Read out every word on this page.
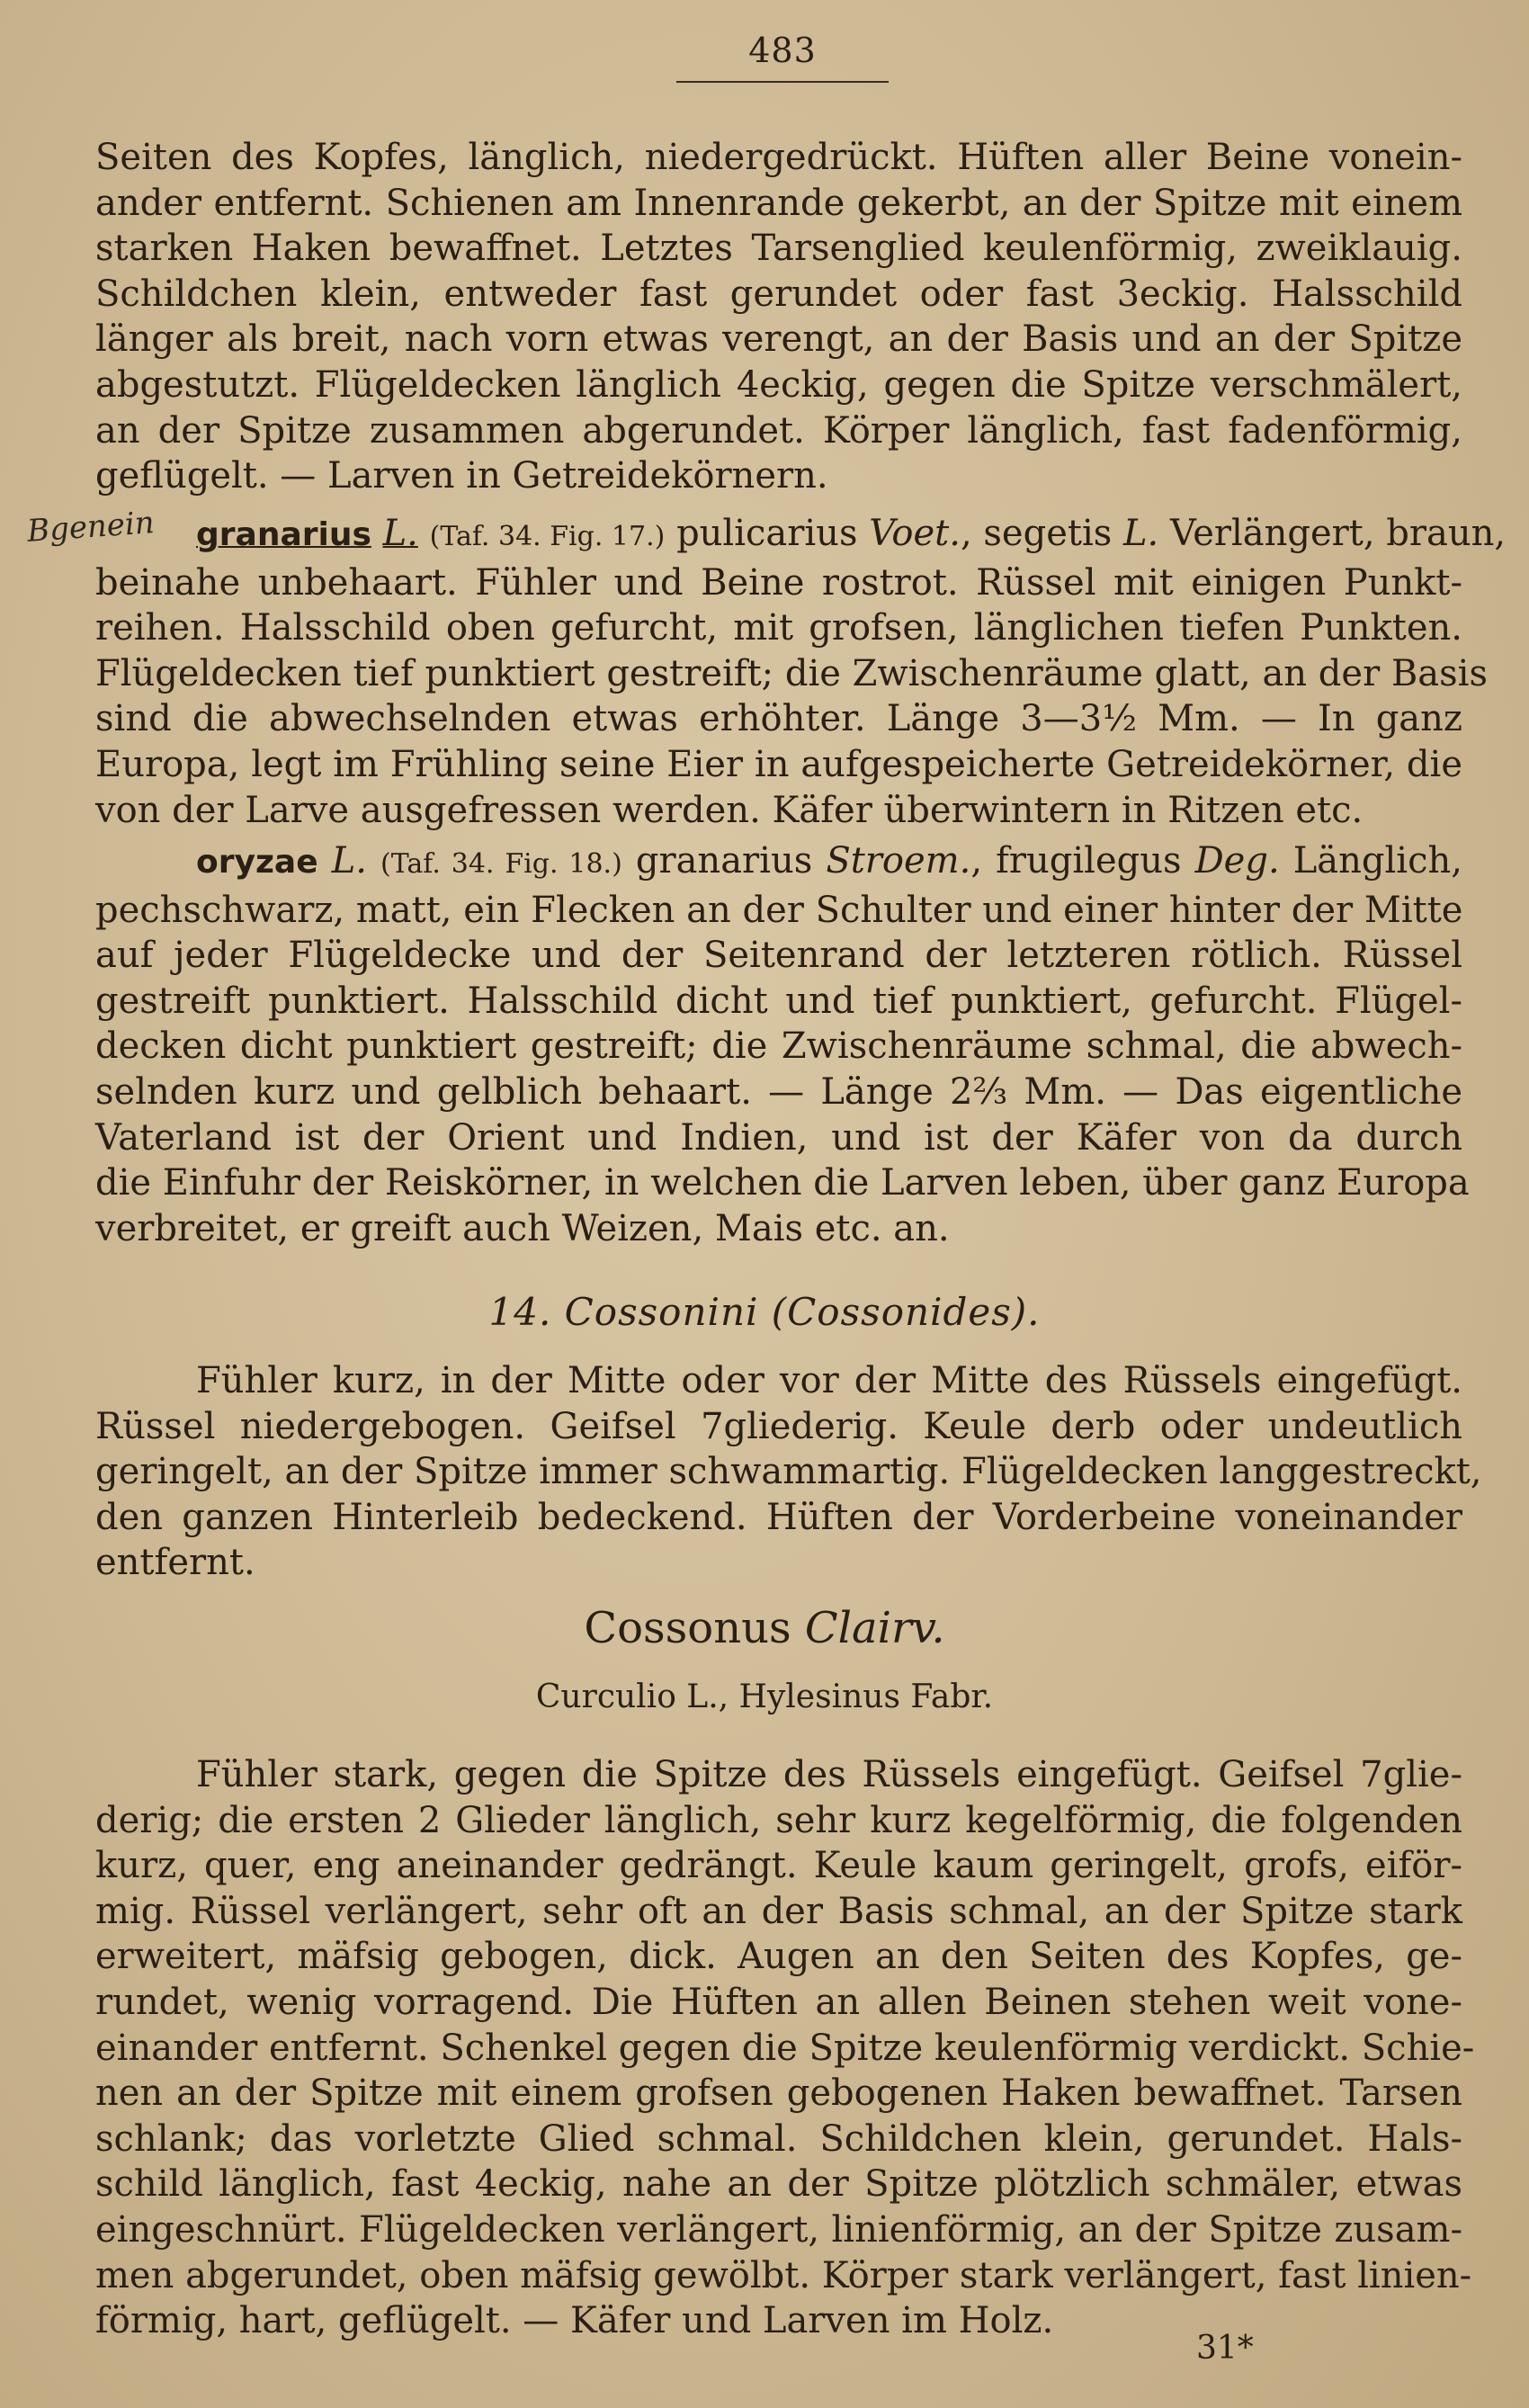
483
Seiten des Kopfes, länglich, niedergedrückt. Hüften aller Beine vonein-
ander entfernt. Schienen am Innenrande gekerbt, an der Spitze mit einem
starken Haken bewaffnet. Letztes Tarsenglied keulenförmig, zweiklauig.
Schildchen klein, entweder fast gerundet oder fast 3eckig. Halsschild
länger als breit, nach vorn etwas verengt, an der Basis und an der Spitze
abgestutzt. Flügeldecken länglich 4eckig, gegen die Spitze verschmälert,
an der Spitze zusammen abgerundet. Körper länglich, fast fadenförmig,
geflügelt. — Larven in Getreidekörnern.
Bgenein	granarius L. (Taf. 34. Fig. 17.) pulicarius Voet., segetis L. Verlängert, braun,
beinahe unbehaart. Fühler und Beine rostrot. Rüssel mit einigen Punkt-
reihen. Halsschild oben gefurcht, mit grofsen, länglichen tiefen Punkten.
Flügeldecken tief punktiert gestreift; die Zwischenräume glatt, an der Basis
sind die abwechselnden etwas erhöhter. Länge 3—3½ Mm. — In ganz
Europa, legt im Frühling seine Eier in aufgespeicherte Getreidekörner, die
von der Larve ausgefressen werden. Käfer überwintern in Ritzen etc.
oryzae L. (Taf. 34. Fig. 18.) granarius Stroem., frugilegus Deg. Länglich,
pechschwarz, matt, ein Flecken an der Schulter und einer hinter der Mitte
auf jeder Flügeldecke und der Seitenrand der letzteren rötlich. Rüssel
gestreift punktiert. Halsschild dicht und tief punktiert, gefurcht. Flügel-
decken dicht punktiert gestreift; die Zwischenräume schmal, die abwech-
selnden kurz und gelblich behaart. — Länge 2⅔ Mm. — Das eigentliche
Vaterland ist der Orient und Indien, und ist der Käfer von da durch
die Einfuhr der Reiskörner, in welchen die Larven leben, über ganz Europa
verbreitet, er greift auch Weizen, Mais etc. an.
14. Cossonini (Cossonides).
Fühler kurz, in der Mitte oder vor der Mitte des Rüssels eingefügt.
Rüssel niedergebogen. Geifsel 7gliederig. Keule derb oder undeutlich
geringelt, an der Spitze immer schwammartig. Flügeldecken langgestreckt,
den ganzen Hinterleib bedeckend. Hüften der Vorderbeine voneinander
entfernt.
Cossonus Clairv.
Curculio L., Hylesinus Fabr.
Fühler stark, gegen die Spitze des Rüssels eingefügt. Geifsel 7glie-
derig; die ersten 2 Glieder länglich, sehr kurz kegelförmig, die folgenden
kurz, quer, eng aneinander gedrängt. Keule kaum geringelt, grofs, eiför-
mig. Rüssel verlängert, sehr oft an der Basis schmal, an der Spitze stark
erweitert, mäfsig gebogen, dick. Augen an den Seiten des Kopfes, ge-
rundet, wenig vorragend. Die Hüften an allen Beinen stehen weit vone-
einander entfernt. Schenkel gegen die Spitze keulenförmig verdickt. Schie-
nen an der Spitze mit einem grofsen gebogenen Haken bewaffnet. Tarsen
schlank; das vorletzte Glied schmal. Schildchen klein, gerundet. Hals-
schild länglich, fast 4eckig, nahe an der Spitze plötzlich schmäler, etwas
eingeschnürt. Flügeldecken verlängert, linienförmig, an der Spitze zusam-
men abgerundet, oben mäfsig gewölbt. Körper stark verlängert, fast linien-
förmig, hart, geflügelt. — Käfer und Larven im Holz.
31*
